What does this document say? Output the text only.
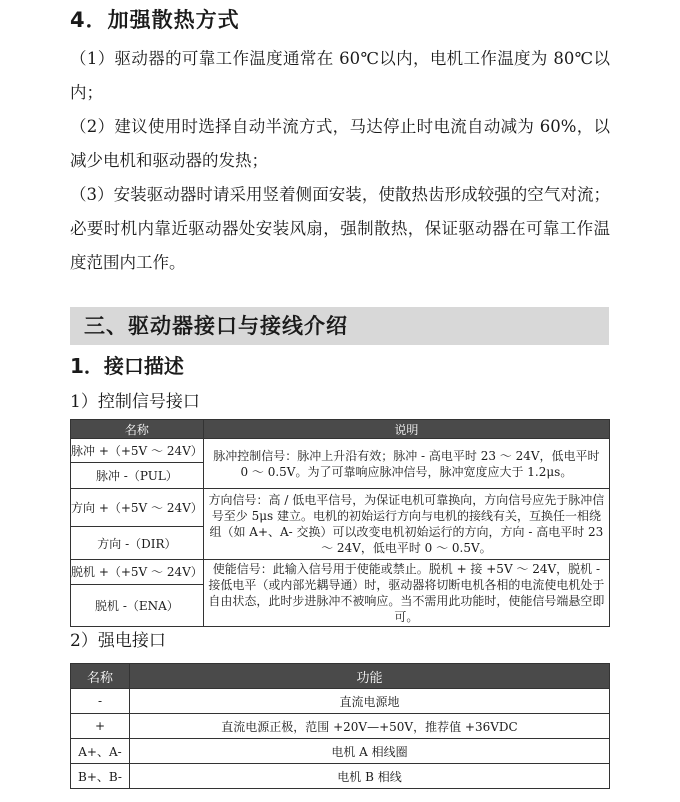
4．加强散热方式

（1）驱动器的可靠工作温度通常在 60℃以内，电机工作温度为 80℃以内；

（2）建议使用时选择自动半流方式，马达停止时电流自动减为 60%，以减少电机和驱动器的发热；

（3）安装驱动器时请采用竖着侧面安装，使散热齿形成较强的空气对流；必要时机内靠近驱动器处安装风扇，强制散热，保证驱动器在可靠工作温度范围内工作。

三、驱动器接口与接线介绍
1．接口描述

1）控制信号接口

名称	说明
脉冲 +（+5V ～ 24V）	脉冲控制信号：脉冲上升沿有效；脉冲 - 高电平时 23 ～ 24V，低电平时 0 ～ 0.5V。为了可靠响应脉冲信号，脉冲宽度应大于 1.2μs。
脉冲 -（PUL）	
方向 +（+5V ～ 24V）	方向信号：高 / 低电平信号，为保证电机可靠换向，方向信号应先于脉冲信号至少 5μs 建立。电机的初始运行方向与电机的接线有关，互换任一相绕组（如 A+、A- 交换）可以改变电机初始运行的方向，方向 - 高电平时 23 ～ 24V，低电平时 0 ～ 0.5V。
方向 -（DIR）	
脱机 +（+5V ～ 24V）	使能信号：此输入信号用于使能或禁止。脱机 + 接 +5V ～ 24V，脱机 - 接低电平（或内部光耦导通）时，驱动器将切断电机各相的电流使电机处于自由状态，此时步进脉冲不被响应。当不需用此功能时，使能信号端悬空即可。
脱机 -（ENA）	

2）强电接口

名称	功能
-	直流电源地
+	直流电源正极，范围 +20V—+50V，推荐值 +36VDC
A+、A-	电机 A 相线圈
B+、B-	电机 B 相线
